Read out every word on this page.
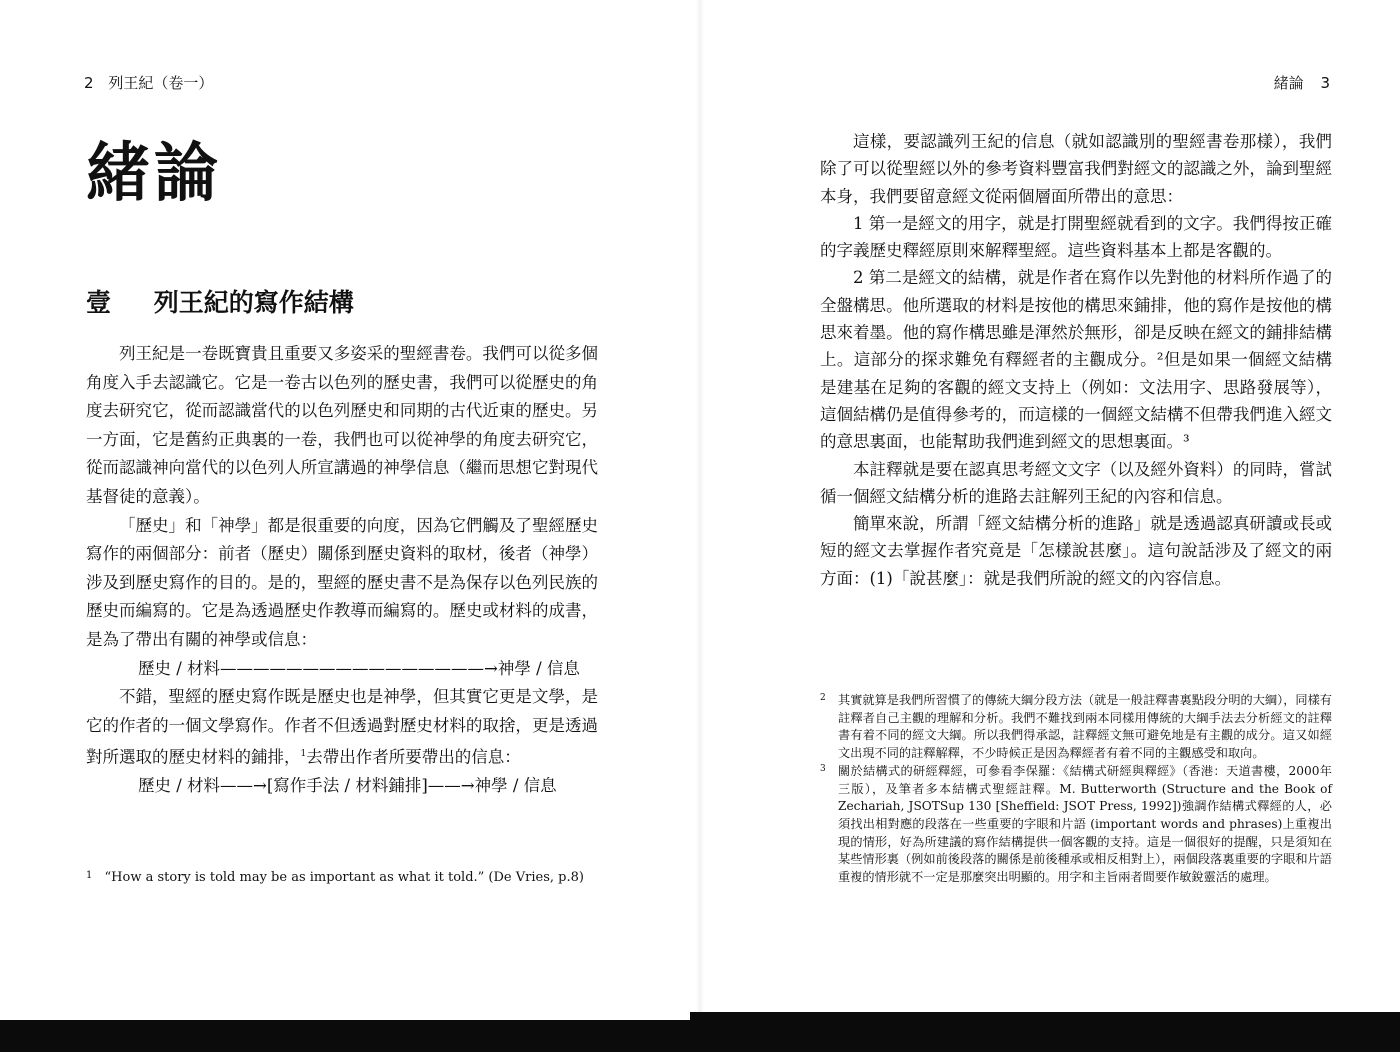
2 列王紀（卷一）
緒論
壹 列王紀的寫作結構

列王紀是一卷既寶貴且重要又多姿采的聖經書卷。我們可以從多個角度入手去認識它。它是一卷古以色列的歷史書，我們可以從歷史的角度去研究它，從而認識當代的以色列歷史和同期的古代近東的歷史。另一方面，它是舊約正典裏的一卷，我們也可以從神學的角度去研究它，從而認識神向當代的以色列人所宣講過的神學信息（繼而思想它對現代基督徒的意義）。

「歷史」和「神學」都是很重要的向度，因為它們觸及了聖經歷史寫作的兩個部分：前者（歷史）關係到歷史資料的取材，後者（神學）涉及到歷史寫作的目的。是的，聖經的歷史書不是為保存以色列民族的歷史而編寫的。它是為透過歷史作教導而編寫的。歷史或材料的成書，是為了帶出有關的神學或信息：

歷史 / 材料————————————————→神學 / 信息

不錯，聖經的歷史寫作既是歷史也是神學，但其實它更是文學，是它的作者的一個文學寫作。作者不但透過對歷史材料的取捨，更是透過對所選取的歷史材料的鋪排，$^1$去帶出作者所要帶出的信息：

歷史 / 材料——→[寫作手法 / 材料鋪排]——→神學 / 信息

$^1$ “How a story is told may be as important as what it told.” (De Vries, p.8)
緒論 3

這樣，要認識列王紀的信息（就如認識別的聖經書卷那樣），我們除了可以從聖經以外的參考資料豐富我們對經文的認識之外，論到聖經本身，我們要留意經文從兩個層面所帶出的意思：

1 第一是經文的用字，就是打開聖經就看到的文字。我們得按正確的字義歷史釋經原則來解釋聖經。這些資料基本上都是客觀的。

2 第二是經文的結構，就是作者在寫作以先對他的材料所作過了的全盤構思。他所選取的材料是按他的構思來鋪排，他的寫作是按他的構思來着墨。他的寫作構思雖是渾然於無形，卻是反映在經文的鋪排結構上。這部分的探求難免有釋經者的主觀成分。²但是如果一個經文結構是建基在足夠的客觀的經文支持上（例如：文法用字、思路發展等），這個結構仍是值得參考的，而這樣的一個經文結構不但帶我們進入經文的意思裏面，也能幫助我們進到經文的思想裏面。³

本註釋就是要在認真思考經文文字（以及經外資料）的同時，嘗試循一個經文結構分析的進路去註解列王紀的內容和信息。

簡單來說，所謂「經文結構分析的進路」就是透過認真研讀或長或短的經文去掌握作者究竟是「怎樣說甚麼」。這句說話涉及了經文的兩方面：(1)「說甚麼」：就是我們所說的經文的內容信息。

2 其實就算是我們所習慣了的傳統大綱分段方法（就是一般註釋書裏點段分明的大綱），同樣有註釋者自己主觀的理解和分析。我們不難找到兩本同樣用傳統的大綱手法去分析經文的註釋書有着不同的經文大綱。所以我們得承認，註釋經文無可避免地是有主觀的成分。這又如經文出現不同的註釋解釋，不少時候正是因為釋經者有着不同的主觀感受和取向。

3 關於結構式的研經釋經，可參看李保羅：《結構式研經與釋經》（香港：天道書樓，2000年三版），及筆者多本結構式聖經註釋。M. Butterworth (Structure and the Book of Zechariah, JSOTSup 130 [Sheffield: JSOT Press, 1992])強調作結構式釋經的人，必須找出相對應的段落在一些重要的字眼和片語 (important words and phrases)上重複出現的情形，好為所建議的寫作結構提供一個客觀的支持。這是一個很好的提醒，只是須知在某些情形裏（例如前後段落的關係是前後種承或相反相對上），兩個段落裏重要的字眼和片語重複的情形就不一定是那麼突出明顯的。用字和主旨兩者間要作敏銳靈活的處理。
